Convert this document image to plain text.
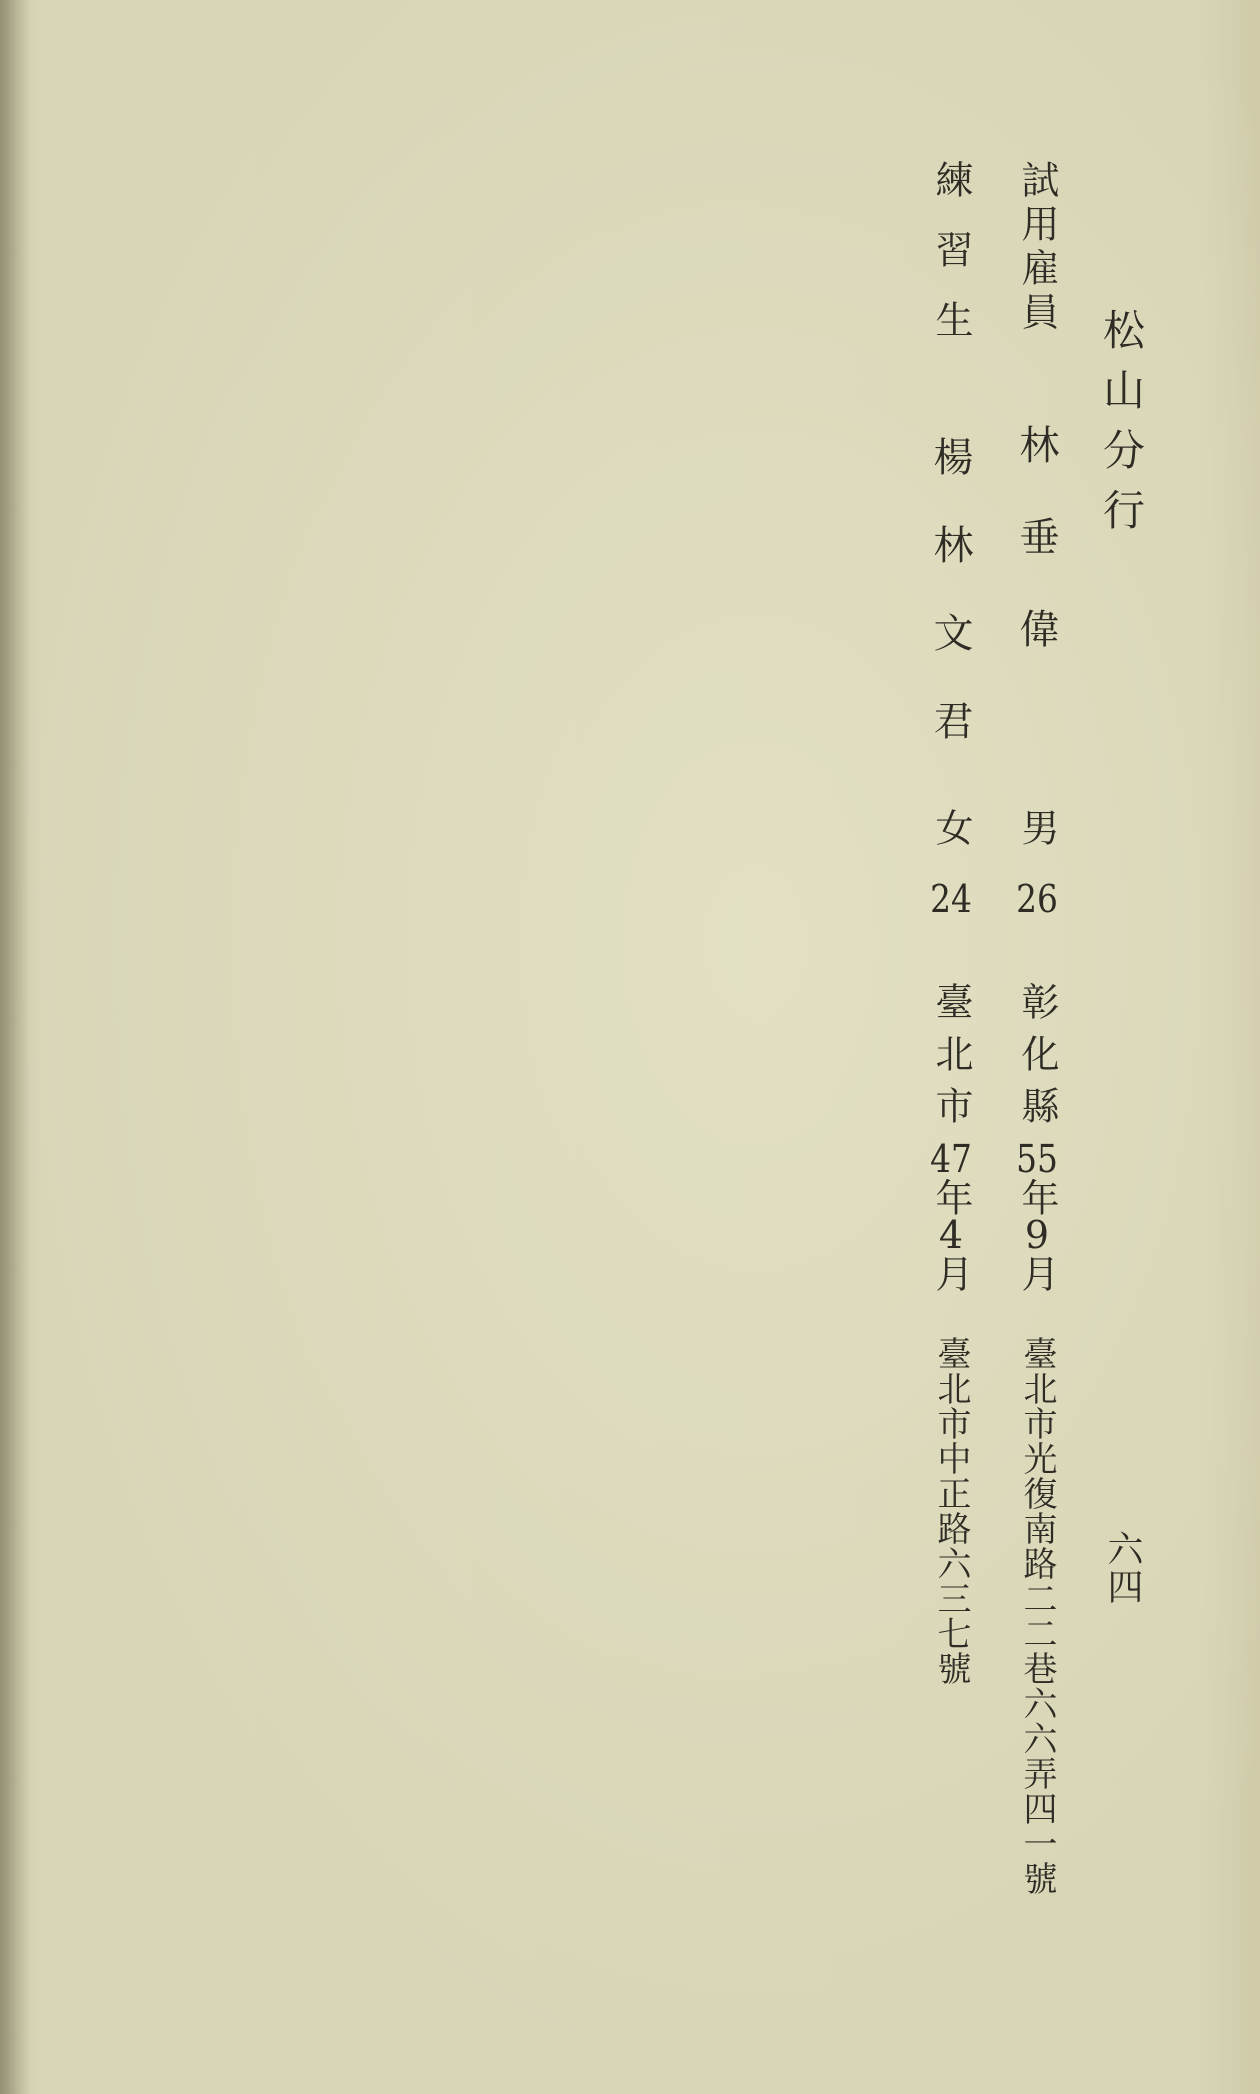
松山分行
六四
試用雇員
林垂偉
男
26
彰化縣
55年9月
臺北市光復南路二二巷六六弄四一號
練習生
楊林文君
女
24
臺北市
47年4月
臺北市中正路六三七號
